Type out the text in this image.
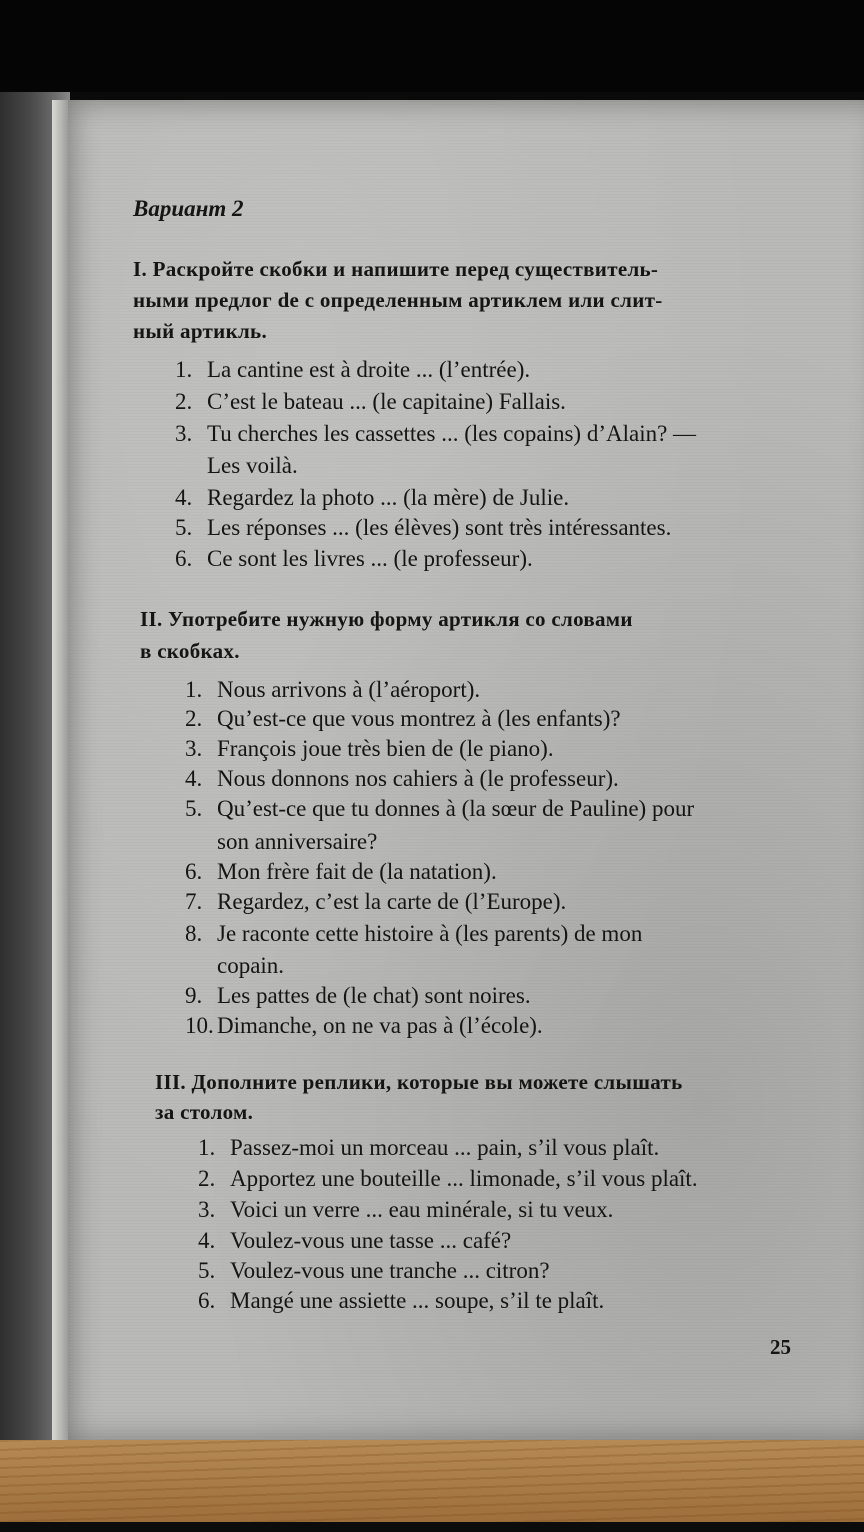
Вариант 2
I. Раскройте скобки и напишите перед существитель-
ными предлог de с определенным артиклем или слит-
ный артикль.
1. La cantine est à droite ... (l’entrée).
2. C’est le bateau ... (le capitaine) Fallais.
3. Tu cherches les cassettes ... (les copains) d’Alain? —
Les voilà.
4. Regardez la photo ... (la mère) de Julie.
5. Les réponses ... (les élèves) sont très intéressantes.
6. Ce sont les livres ... (le professeur).
II. Употребите нужную форму артикля со словами
в скобках.
1. Nous arrivons à (l’aéroport).
2. Qu’est-ce que vous montrez à (les enfants)?
3. François joue très bien de (le piano).
4. Nous donnons nos cahiers à (le professeur).
5. Qu’est-ce que tu donnes à (la sœur de Pauline) pour
son anniversaire?
6. Mon frère fait de (la natation).
7. Regardez, c’est la carte de (l’Europe).
8. Je raconte cette histoire à (les parents) de mon
copain.
9. Les pattes de (le chat) sont noires.
10. Dimanche, on ne va pas à (l’école).
III. Дополните реплики, которые вы можете слышать
за столом.
1. Passez-moi un morceau ... pain, s’il vous plaît.
2. Apportez une bouteille ... limonade, s’il vous plaît.
3. Voici un verre ... eau minérale, si tu veux.
4. Voulez-vous une tasse ... café?
5. Voulez-vous une tranche ... citron?
6. Mangé une assiette ... soupe, s’il te plaît.
25
